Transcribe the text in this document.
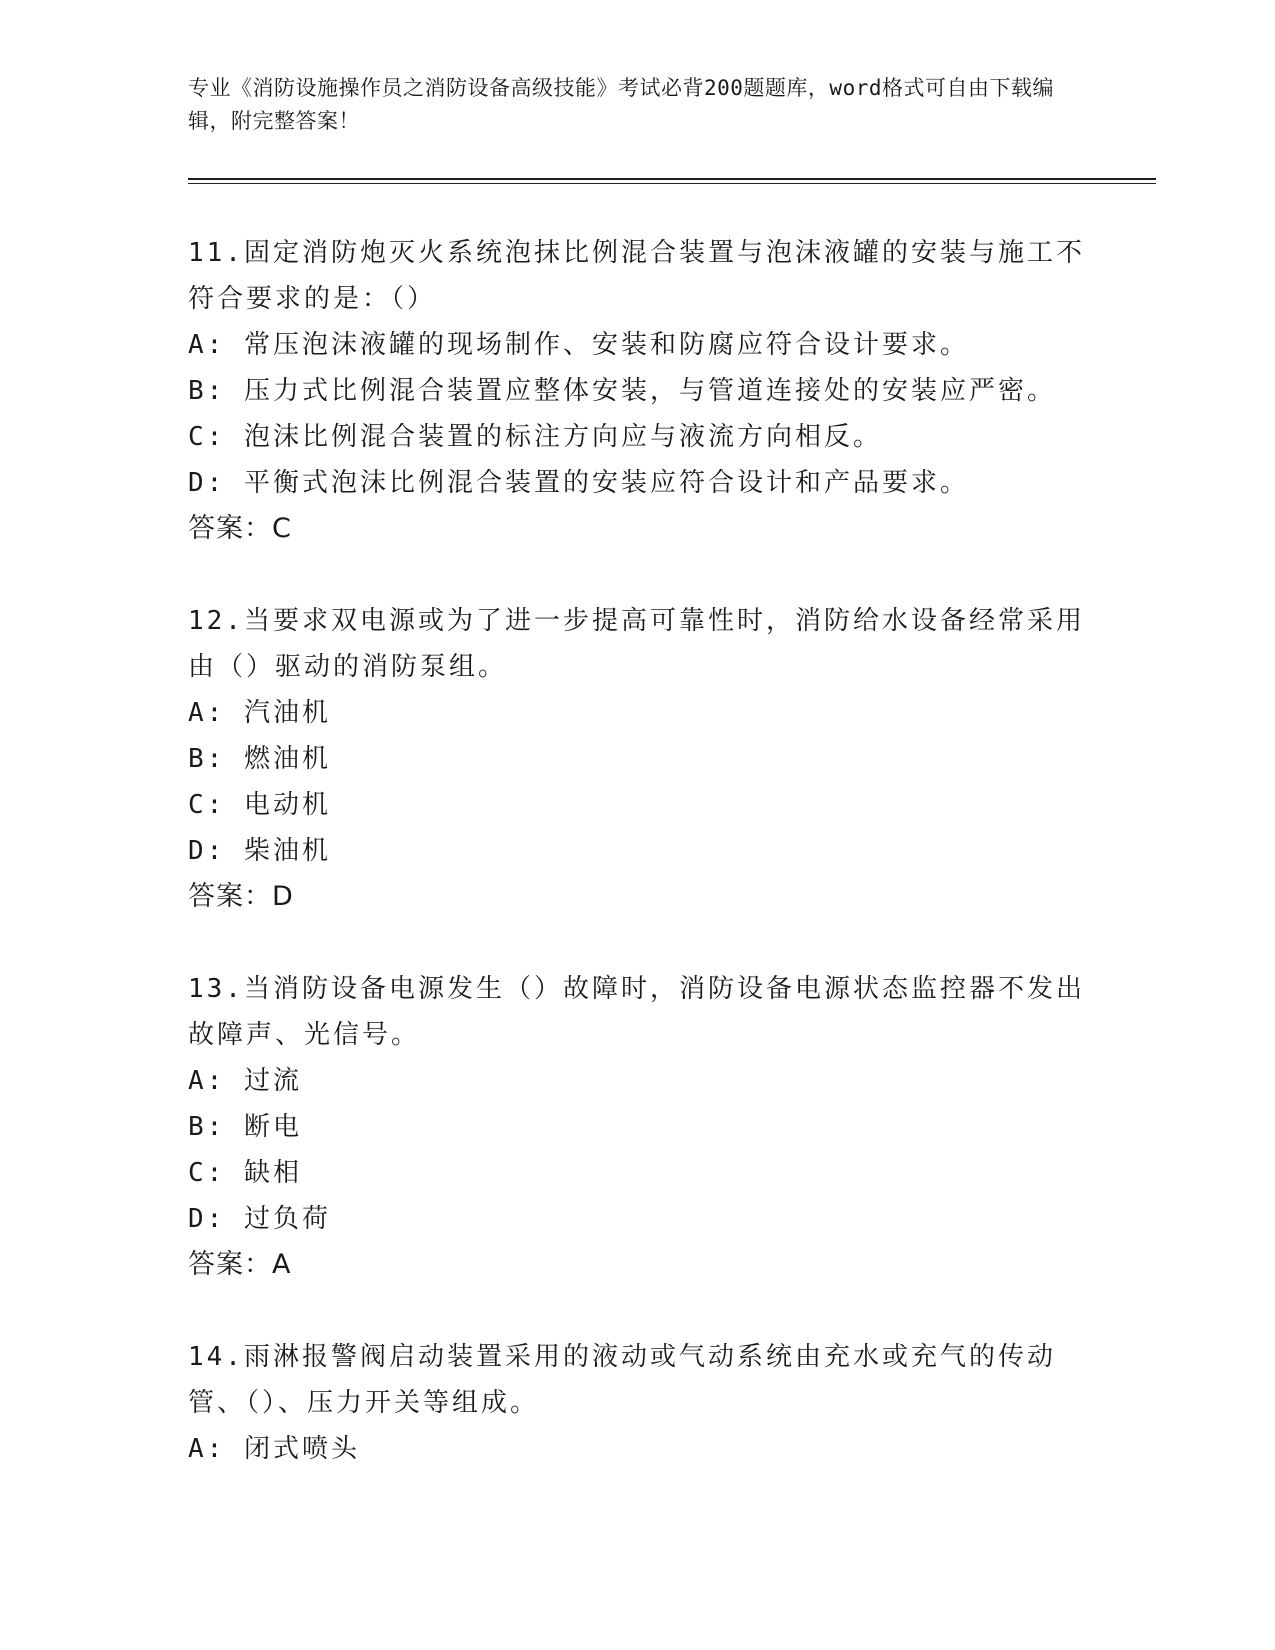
专业《消防设施操作员之消防设备高级技能》考试必背200题题库，word格式可自由下载编辑，附完整答案！
11.固定消防炮灭火系统泡抹比例混合装置与泡沫液罐的安装与施工不符合要求的是：（）
A: 常压泡沫液罐的现场制作、安装和防腐应符合设计要求。
B: 压力式比例混合装置应整体安装，与管道连接处的安装应严密。
C: 泡沫比例混合装置的标注方向应与液流方向相反。
D: 平衡式泡沫比例混合装置的安装应符合设计和产品要求。
答案：C
12.当要求双电源或为了进一步提高可靠性时，消防给水设备经常采用由（）驱动的消防泵组。
A: 汽油机
B: 燃油机
C: 电动机
D: 柴油机
答案：D
13.当消防设备电源发生（）故障时，消防设备电源状态监控器不发出故障声、光信号。
A: 过流
B: 断电
C: 缺相
D: 过负荷
答案：A
14.雨淋报警阀启动装置采用的液动或气动系统由充水或充气的传动管、（）、压力开关等组成。
A: 闭式喷头
